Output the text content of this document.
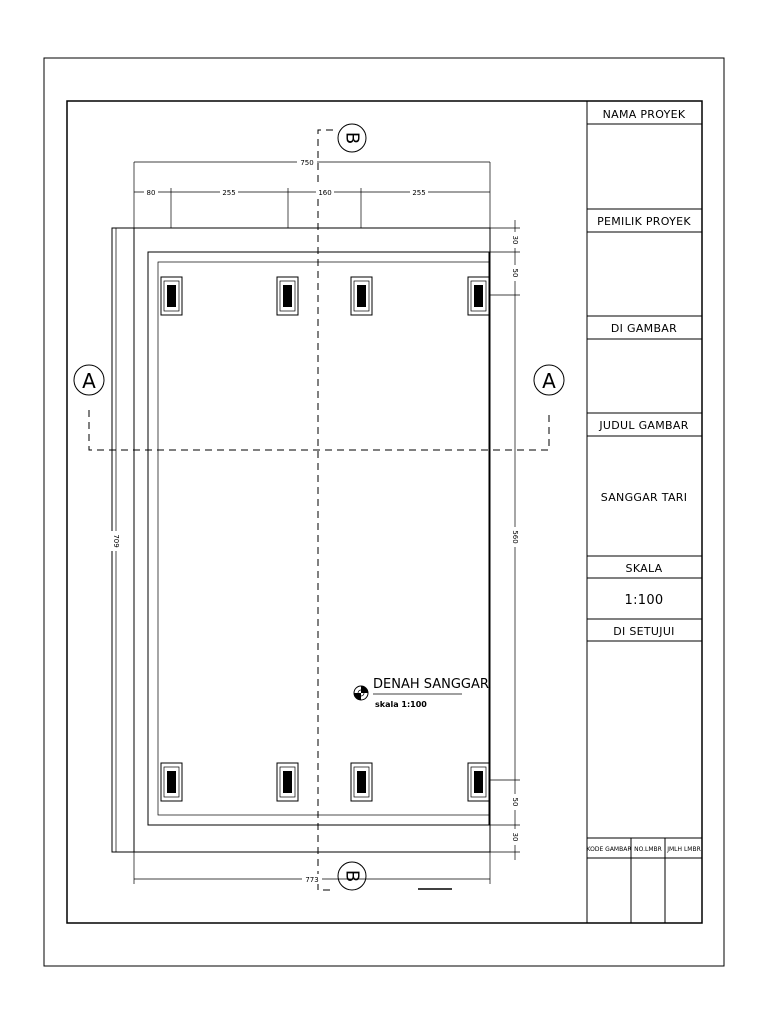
NAMA PROYEK
PEMILIK PROYEK
DI GAMBAR
JUDUL GAMBAR
SANGGAR TARI
SKALA
1:100
DI SETUJUI
KODE GAMBAR NO.LMBR JMLH LMBR
A	A
B
B
750
80	255	160	255
30
50
560
50
30
709
773
DENAH SANGGAR
skala 1:100
